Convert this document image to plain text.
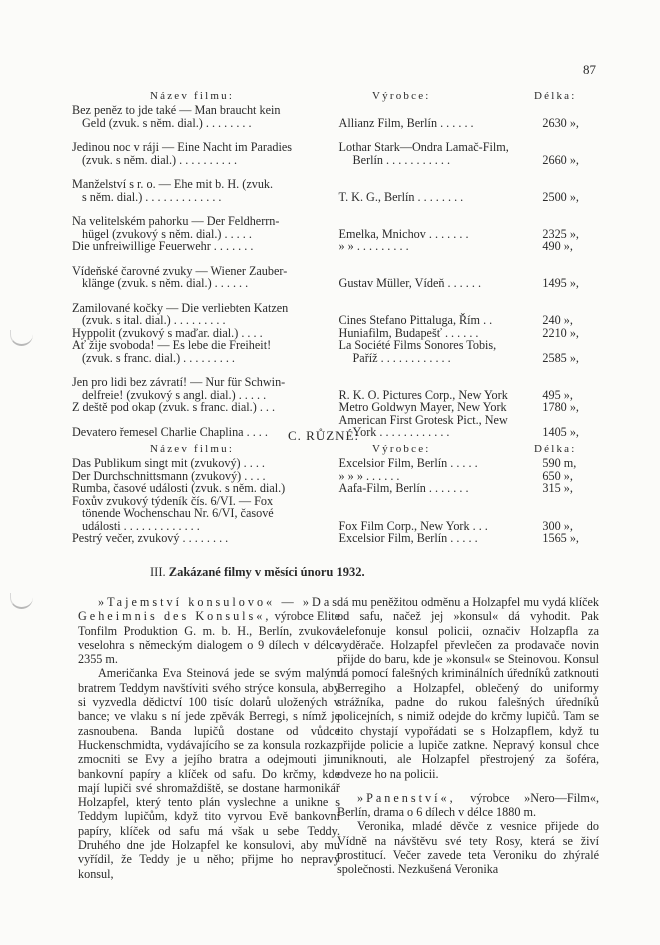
87
Název filmu:	Výrobce:	Délka:
Bez peněz to jde také — Man braucht kein
Geld (zvuk. s něm. dial.) . . . . . . . .	Allianz Film, Berlín . . . . . .	2630 »,
Jedinou noc v ráji — Eine Nacht im Paradies
(zvuk. s něm. dial.) . . . . . . . . . .
Lothar Stark—Ondra Lamač-Film,
Berlín . . . . . . . . . . .	2660 »,
Manželství s r. o. — Ehe mit b. H. (zvuk.
s něm. dial.) . . . . . . . . . . . . .	T. K. G., Berlín . . . . . . . .	2500 »,
Na velitelském pahorku — Der Feldherrn-
hügel (zvukový s něm. dial.) . . . . .	Emelka, Mnichov . . . . . . .	2325 »,
Die unfreiwillige Feuerwehr . . . . . . .	» » . . . . . . . . .	490 »,
Vídeňské čarovné zvuky — Wiener Zauber-
klänge (zvuk. s něm. dial.) . . . . . .	Gustav Müller, Vídeň . . . . . .	1495 »,
Zamilované kočky — Die verliebten Katzen
(zvuk. s ital. dial.) . . . . . . . . .	Cines Stefano Pittaluga, Řím . .	240 »,
Hyppolit (zvukový s maďar. dial.) . . . .	Huniafilm, Budapešť . . . . . .	2210 »,
Ať žije svoboda! — Es lebe die Freiheit!
(zvuk. s franc. dial.) . . . . . . . . .
La Société Films Sonores Tobis,
Paříž . . . . . . . . . . . .	2585 »,
Jen pro lidi bez závratí! — Nur für Schwin-
delfreie! (zvukový s angl. dial.) . . . . .	R. K. O. Pictures Corp., New York	495 »,
Z deště pod okap (zvuk. s franc. dial.) . . .	Metro Goldwyn Mayer, New York	1780 »,
Devatero řemesel Charlie Chaplina . . . .
American First Grotesk Pict., New
York . . . . . . . . . . . .	1405 »,
C. RŮZNÉ:
Název filmu:	Výrobce:	Délka:
Das Publikum singt mit (zvukový) . . . .	Excelsior Film, Berlín . . . . .	590 m,
Der Durchschnittsmann (zvukový) . . . .	» » » . . . . . .	650 »,
Rumba, časové události (zvuk. s něm. dial.)	Aafa-Film, Berlín . . . . . . .	315 »,
Foxův zvukový týdeník čís. 6/VI. — Fox
tönende Wochenschau Nr. 6/VI, časové
události . . . . . . . . . . . . .	Fox Film Corp., New York . . .	300 »,
Pestrý večer, zvukový . . . . . . . .	Excelsior Film, Berlín . . . . .	1565 »,
III. Zakázané filmy v měsíci únoru 1932.

»Tajemství konsulovo« — »Das Geheimnis des Konsuls«, výrobce Elite Tonfilm Produktion G. m. b. H., Berlín, zvuková veselohra s německým dialogem o 9 dílech v délce 2355 m.

Američanka Eva Steinová jede se svým malým bratrem Teddym navštíviti svého strýce konsula, aby si vyzvedla dědictví 100 tisíc dolarů uložených v bance; ve vlaku s ní jede zpěvák Berregi, s nímž je zasnoubena. Banda lupičů dostane od vůdce Huckenschmidta, vydávajícího se za konsula rozkaz, zmocniti se Evy a jejího bratra a odejmouti jim bankovní papíry a klíček od safu. Do krčmy, kde mají lupiči své shromaždiště, se dostane harmonikář Holzapfel, který tento plán vyslechne a unikne s Teddym lupičům, když tito vyrvou Evě bankovní papíry, klíček od safu má však u sebe Teddy. Druhého dne jde Holzapfel ke konsulovi, aby mu vyřídil, že Teddy je u něho; přijme ho nepravý konsul,

dá mu peněžitou odměnu a Holzapfel mu vydá klíček od safu, načež jej »konsul« dá vyhodit. Pak telefonuje konsul policii, označiv Holzapfla za vyděrače. Holzapfel převlečen za prodavače novin přijde do baru, kde je »konsul« se Steinovou. Konsul dá pomocí falešných kriminálních úředníků zatknouti Berregiho a Holzapfel, oblečený do uniformy strážníka, padne do rukou falešných úředníků policejních, s nimiž odejde do krčmy lupičů. Tam se tito chystají vypořádati se s Holzapflem, když tu přijde policie a lupiče zatkne. Nepravý konsul chce uniknouti, ale Holzapfel přestrojený za šoféra, odveze ho na policii.

»Panenství«, výrobce »Nero—Film«, Berlín, drama o 6 dílech v délce 1880 m.

Veronika, mladé děvče z vesnice přijede do Vídně na návštěvu své tety Rosy, která se živí prostitucí. Večer zavede teta Veroniku do zhýralé společnosti. Nezkušená Veronika
